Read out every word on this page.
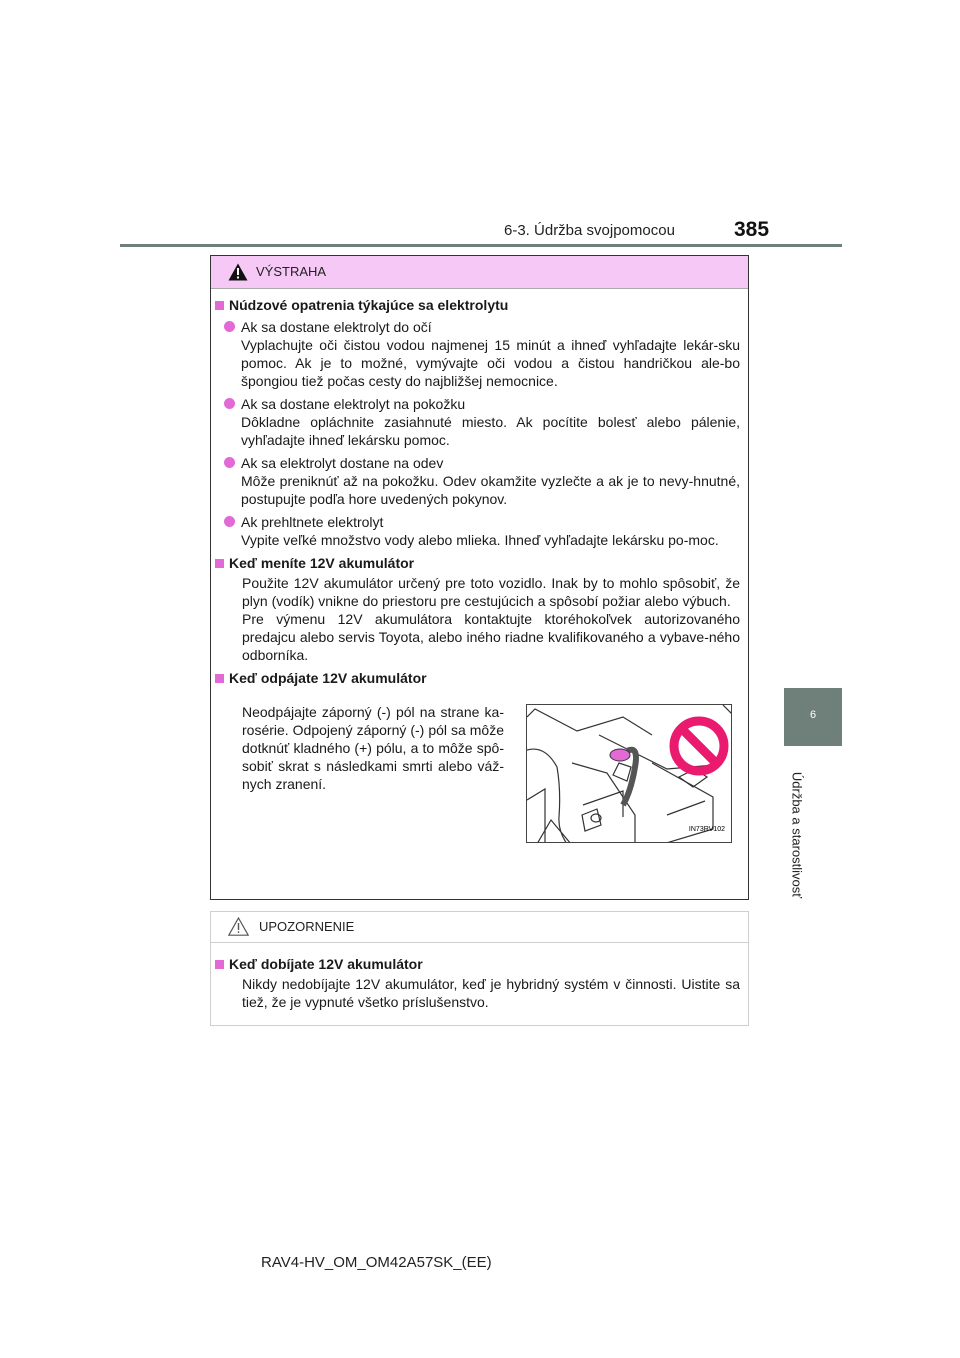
6-3. Údržba svojpomocou	385
6
Údržba a starostlivosť
VÝSTRAHA
Núdzové opatrenia týkajúce sa elektrolytu
Ak sa dostane elektrolyt do očí
Vyplachujte oči čistou vodou najmenej 15 minút a ihneď vyhľadajte lekár-sku pomoc. Ak je to možné, vymývajte oči vodou a čistou handričkou ale-bo špongiou tiež počas cesty do najbližšej nemocnice.
Ak sa dostane elektrolyt na pokožku
Dôkladne opláchnite zasiahnuté miesto. Ak pocítite bolesť alebo pálenie, vyhľadajte ihneď lekársku pomoc.
Ak sa elektrolyt dostane na odev
Môže preniknúť až na pokožku. Odev okamžite vyzlečte a ak je to nevy-hnutné, postupujte podľa hore uvedených pokynov.
Ak prehltnete elektrolyt
Vypite veľké množstvo vody alebo mlieka. Ihneď vyhľadajte lekársku po-moc.
Keď meníte 12V akumulátor
Použite 12V akumulátor určený pre toto vozidlo. Inak by to mohlo spôsobiť, že plyn (vodík) vnikne do priestoru pre cestujúcich a spôsobí požiar alebo výbuch.
Pre výmenu 12V akumulátora kontaktujte ktoréhokoľvek autorizovaného predajcu alebo servis Toyota, alebo iného riadne kvalifikovaného a vybave-ného odborníka.
Keď odpájate 12V akumulátor
Neodpájajte záporný (-) pól na strane ka-rosérie. Odpojený záporný (-) pól sa môže dotknúť kladného (+) pólu, a to môže spô-sobiť skrat s následkami smrti alebo váž-nych zranení.
IN73RV102
UPOZORNENIE
Keď dobíjate 12V akumulátor
Nikdy nedobíjajte 12V akumulátor, keď je hybridný systém v činnosti. Uistite sa tiež, že je vypnuté všetko príslušenstvo.
RAV4-HV_OM_OM42A57SK_(EE)
